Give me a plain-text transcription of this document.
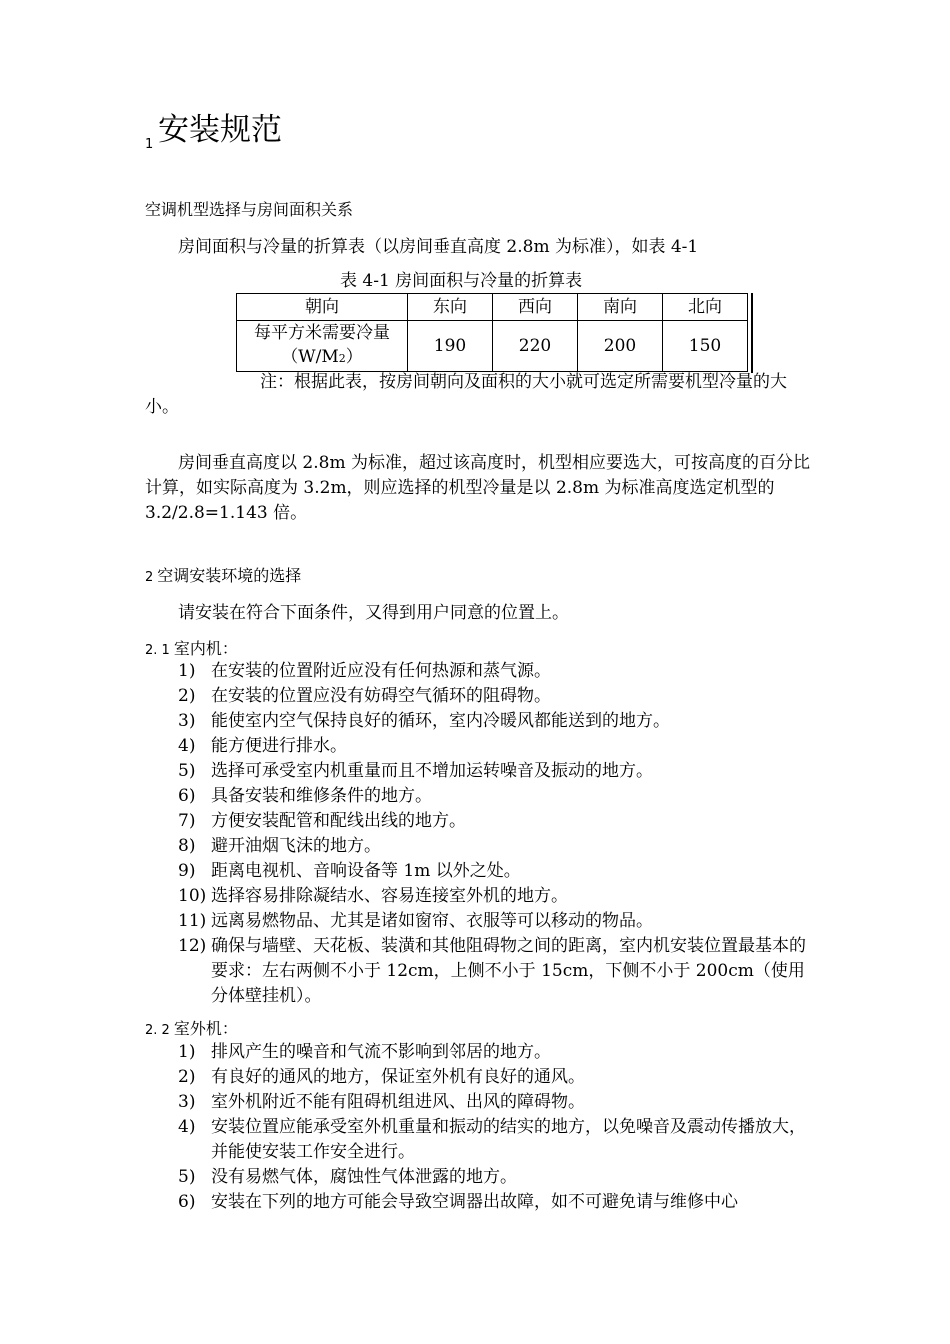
1 安装规范
空调机型选择与房间面积关系
房间面积与冷量的折算表（以房间垂直高度 2.8m 为标准），如表 4-1
表 4-1 房间面积与冷量的折算表
朝向	东向	西向	南向	北向

每平方米需要冷量
（W/M2）	190	220	200	150
注：根据此表，按房间朝向及面积的大小就可选定所需要机型冷量的大小。
房间垂直高度以 2.8m 为标准，超过该高度时，机型相应要选大，可按高度的百分比计算，如实际高度为 3.2m，则应选择的机型冷量是以 2.8m 为标准高度选定机型的 3.2/2.8=1.143 倍。
2 空调安装环境的选择
请安装在符合下面条件，又得到用户同意的位置上。
2. 1 室内机：
1) 在安装的位置附近应没有任何热源和蒸气源。
2) 在安装的位置应没有妨碍空气循环的阻碍物。
3) 能使室内空气保持良好的循环，室内冷暖风都能送到的地方。
4) 能方便进行排水。
5) 选择可承受室内机重量而且不增加运转噪音及振动的地方。
6) 具备安装和维修条件的地方。
7) 方便安装配管和配线出线的地方。
8) 避开油烟飞沫的地方。
9) 距离电视机、音响设备等 1m 以外之处。
10) 选择容易排除凝结水、容易连接室外机的地方。
11) 远离易燃物品、尤其是诸如窗帘、衣服等可以移动的物品。
12) 确保与墙壁、天花板、装潢和其他阻碍物之间的距离，室内机安装位置最基本的要求：左右两侧不小于 12cm，上侧不小于 15cm，下侧不小于 200cm（使用分体壁挂机）。
2. 2 室外机：
1) 排风产生的噪音和气流不影响到邻居的地方。
2) 有良好的通风的地方，保证室外机有良好的通风。
3) 室外机附近不能有阻碍机组进风、出风的障碍物。
4) 安装位置应能承受室外机重量和振动的结实的地方，以免噪音及震动传播放大，并能使安装工作安全进行。
5) 没有易燃气体，腐蚀性气体泄露的地方。
6) 安装在下列的地方可能会导致空调器出故障，如不可避免请与维修中心
